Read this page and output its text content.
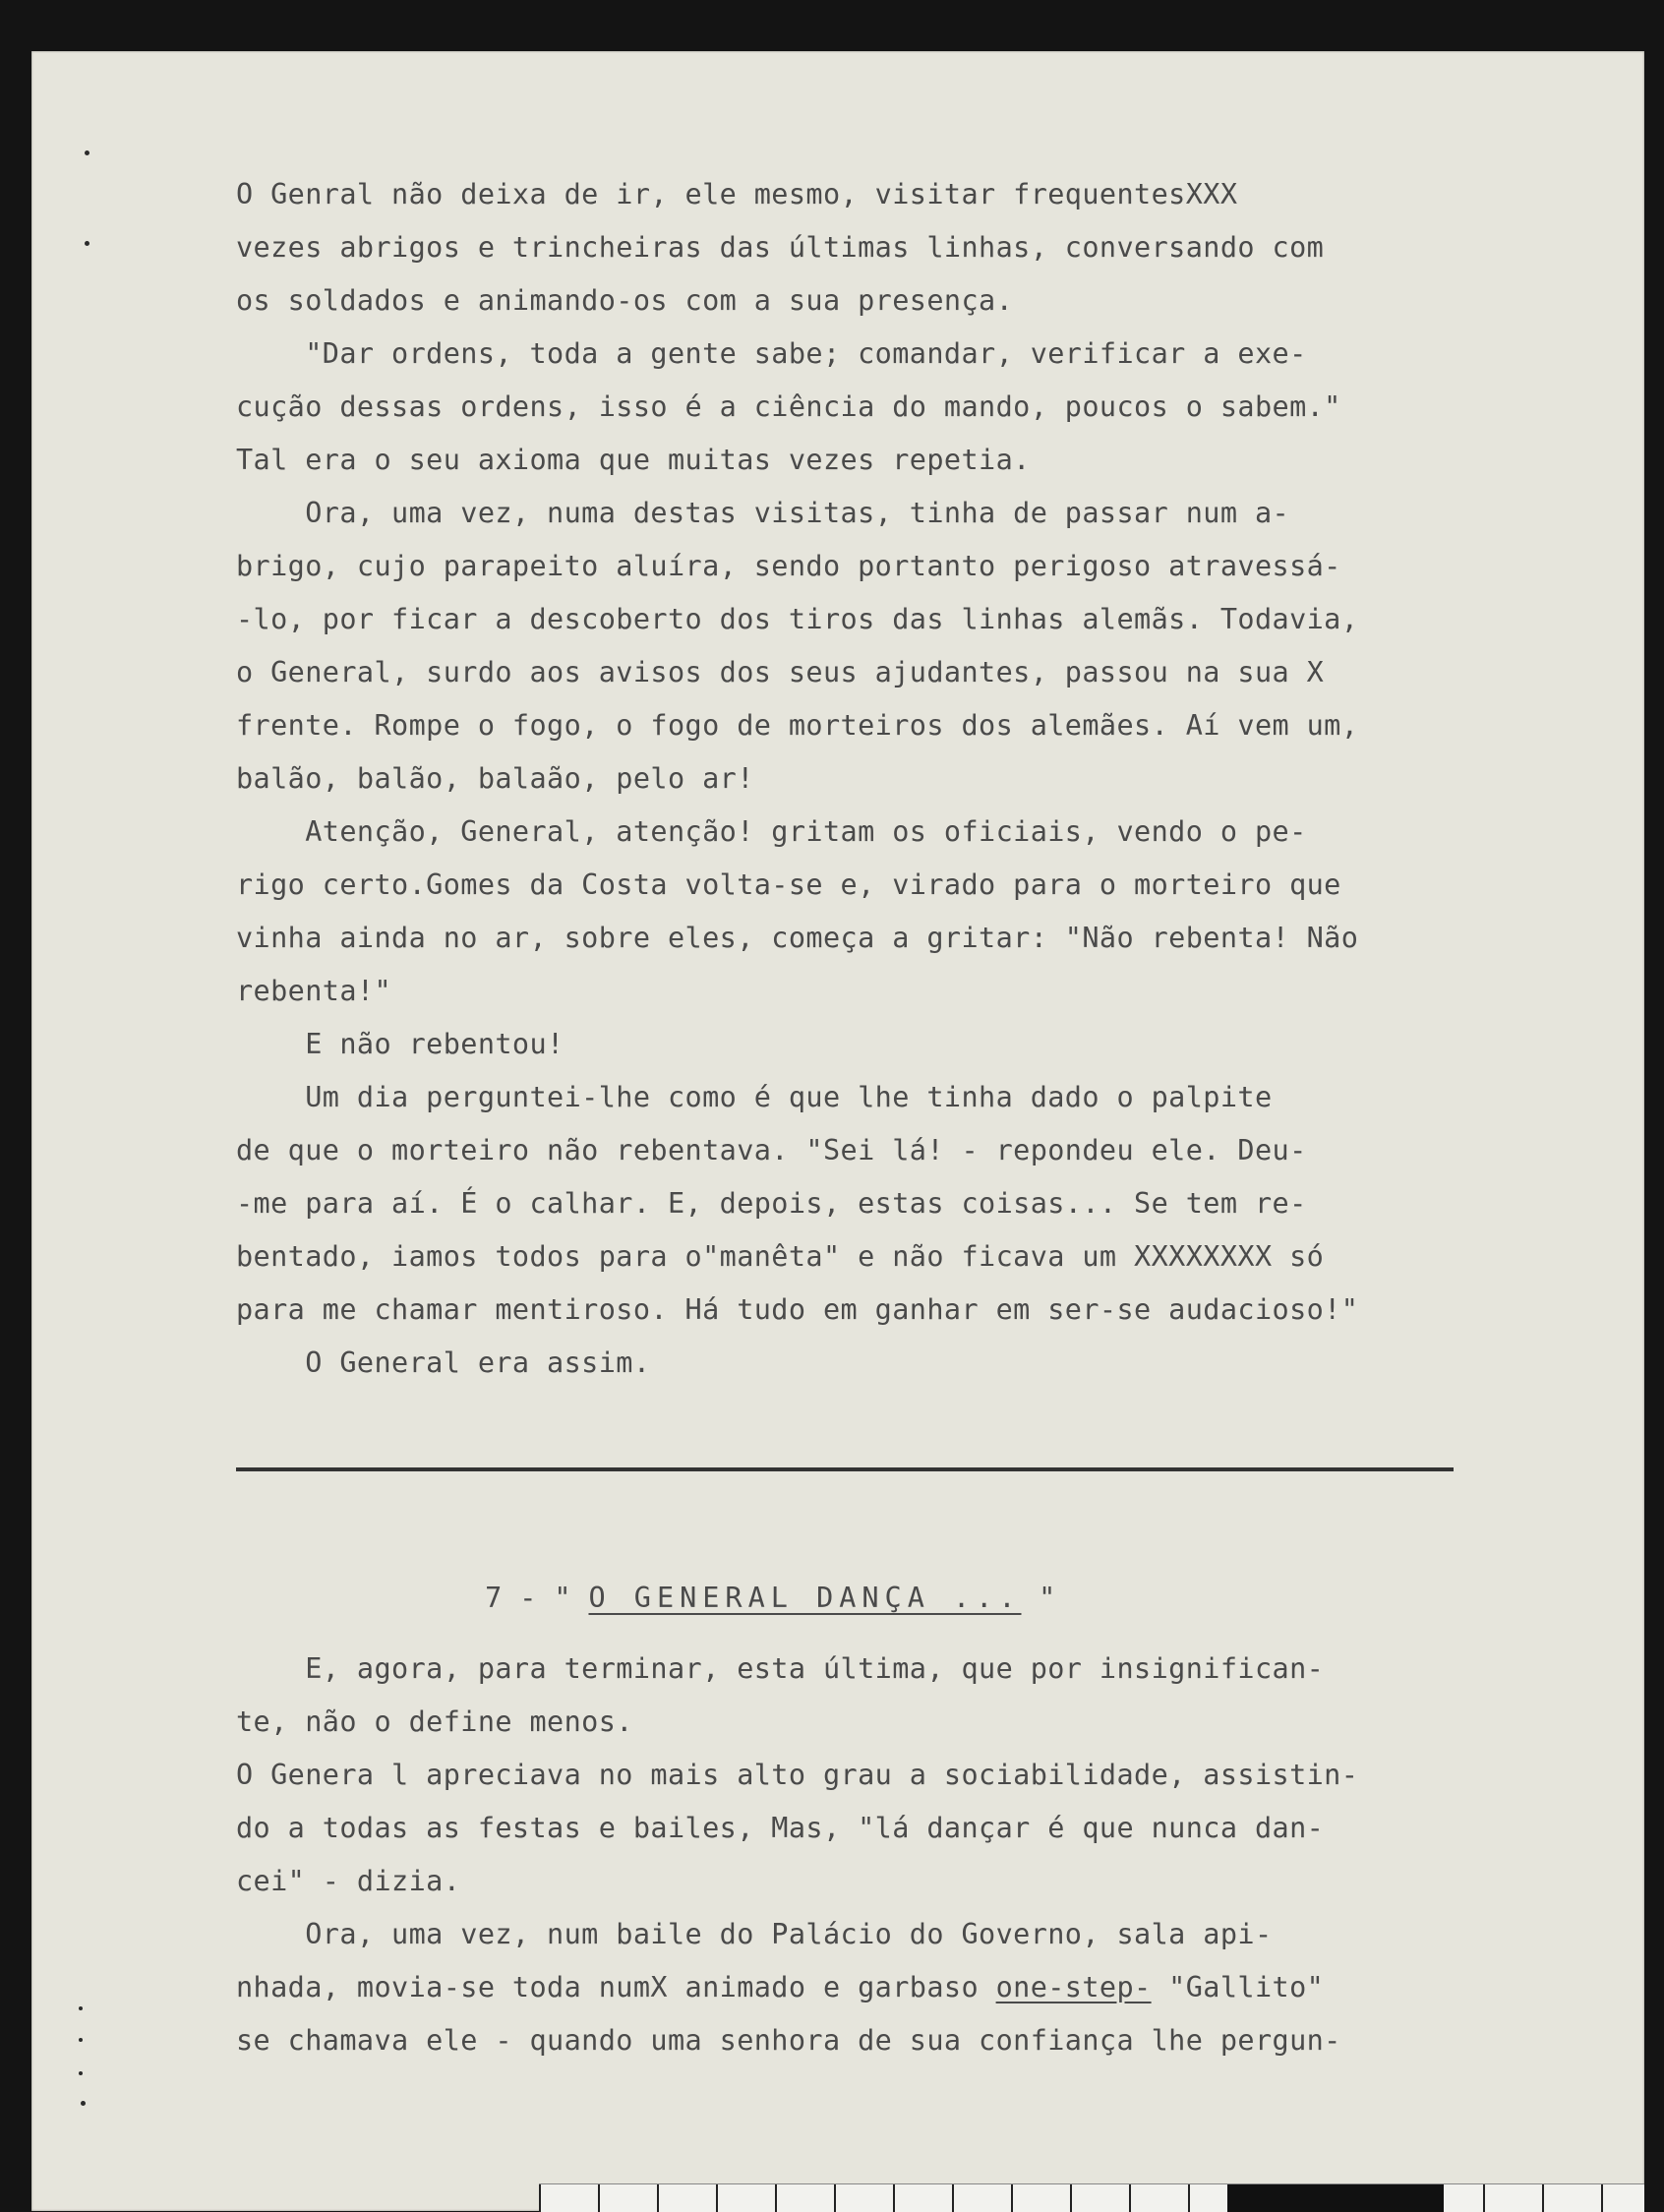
O Genral não deixa de ir, ele mesmo, visitar frequentesXXX
vezes abrigos e trincheiras das últimas linhas, conversando com
os soldados e animando-os com a sua presença.
"Dar ordens, toda a gente sabe; comandar, verificar a exe-
cução dessas ordens, isso é a ciência do mando, poucos o sabem."
Tal era o seu axioma que muitas vezes repetia.
Ora, uma vez, numa destas visitas, tinha de passar num a-
brigo, cujo parapeito aluíra, sendo portanto perigoso atravessá-
-lo, por ficar a descoberto dos tiros das linhas alemãs. Todavia,
o General, surdo aos avisos dos seus ajudantes, passou na sua X
frente. Rompe o fogo, o fogo de morteiros dos alemães. Aí vem um,
balão, balão, balaão, pelo ar!
Atenção, General, atenção! gritam os oficiais, vendo o pe-
rigo certo.Gomes da Costa volta-se e, virado para o morteiro que
vinha ainda no ar, sobre eles, começa a gritar: "Não rebenta! Não
rebenta!"
E não rebentou!
Um dia perguntei-lhe como é que lhe tinha dado o palpite
de que o morteiro não rebentava. "Sei lá! - reponde͏u ele. Deu-
-me para aí. É o calhar. E, depois, estas coisas... Se tem re-
bentado, iamos todos para o"manêta" e não ficava um XXXXXXXX só
para me chamar mentiroso. Há tudo em ganhar em ser-se audacioso!"
O General era assim.

7 - " O GENERAL DANÇA ... "

E, agora, para terminar, esta última, que por insignifican-
te, não o define menos.
O Genera l apreciava no mais alto grau a sociabilidade, assistin-
do a todas as festas e bailes, Mas, "lá dançar é que nunca dan-
cei" - dizia.
Ora, uma vez, num baile do Palácio do Governo, sala api-
nhada, movia-se toda numX animado e garbaso one-step- "Gallito"
se chamava ele - quando uma senhora de sua confiança lhe pergun-
